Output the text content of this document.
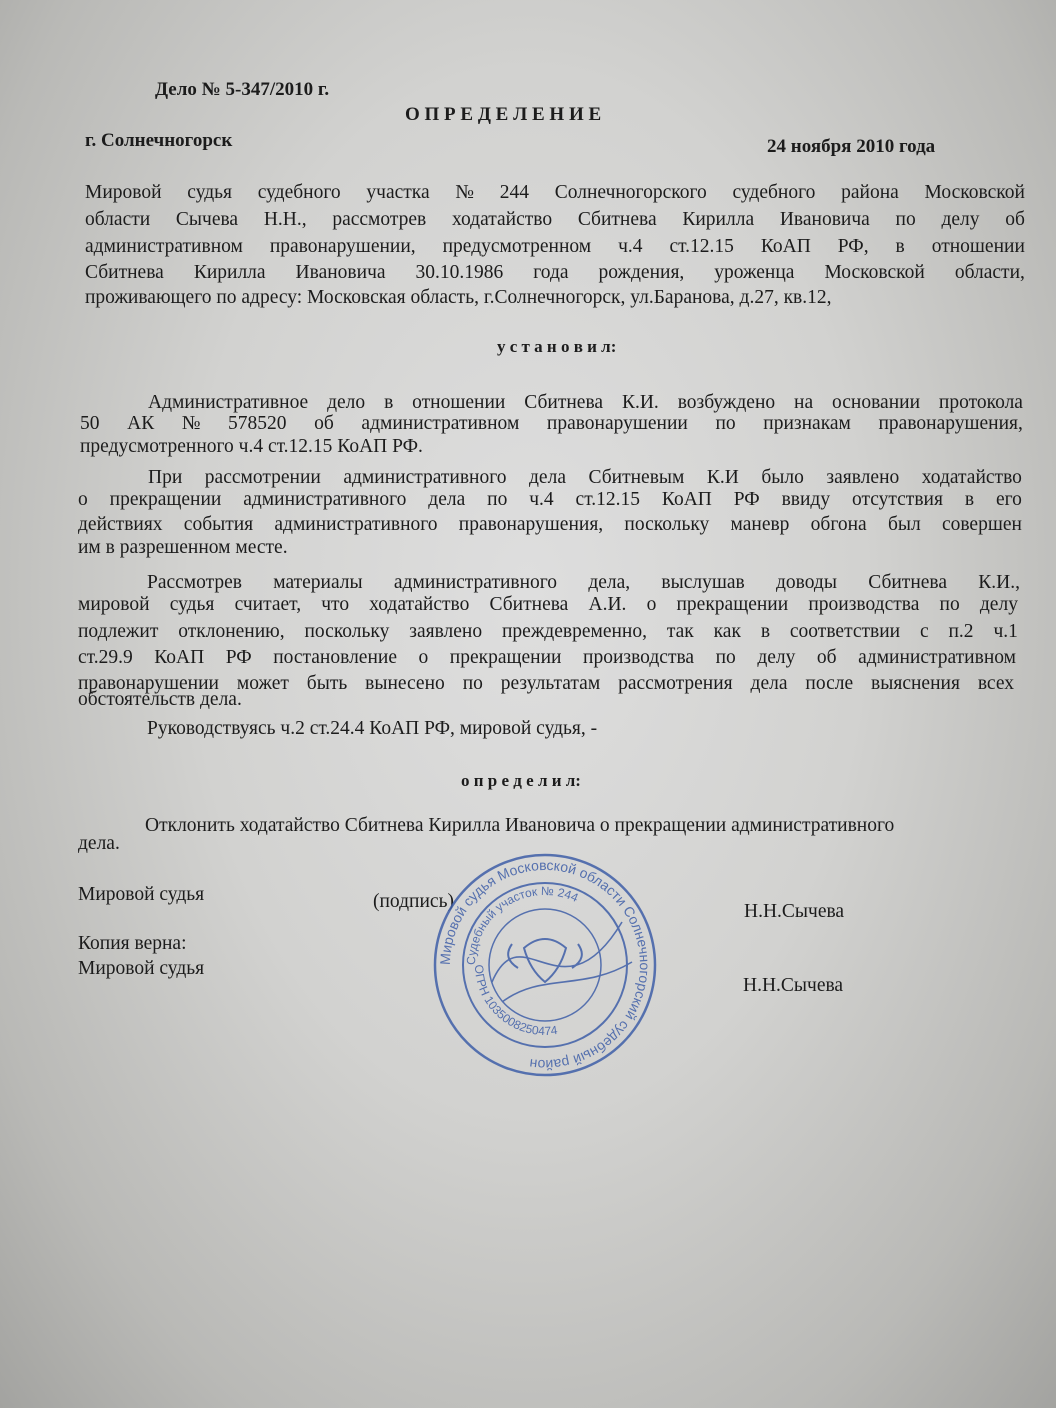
Дело № 5-347/2010 г.
О П Р Е Д Е Л Е Н И Е
г. Солнечногорск	24 ноября 2010 года
Мировой судья судебного участка № 244 Солнечногорского судебного района Московской
области Сычева Н.Н., рассмотрев ходатайство Сбитнева Кирилла Ивановича по делу об
административном правонарушении, предусмотренном ч.4 ст.12.15 КоАП РФ, в отношении
Сбитнева Кирилла Ивановича 30.10.1986 года рождения, уроженца Московской области,
проживающего по адресу: Московская область, г.Солнечногорск, ул.Баранова, д.27, кв.12,
у с т а н о в и л:
Административное дело в отношении Сбитнева К.И. возбуждено на основании протокола
50 АК № 578520 об административном правонарушении по признакам правонарушения,
предусмотренного ч.4 ст.12.15 КоАП РФ.
При рассмотрении административного дела Сбитневым К.И было заявлено ходатайство
о прекращении административного дела по ч.4 ст.12.15 КоАП РФ ввиду отсутствия в его
действиях события административного правонарушения, поскольку маневр обгона был совершен
им в разрешенном месте.
Рассмотрев материалы административного дела, выслушав доводы Сбитнева К.И.,
мировой судья считает, что ходатайство Сбитнева А.И. о прекращении производства по делу
подлежит отклонению, поскольку заявлено преждевременно, так как в соответствии с п.2 ч.1
ст.29.9 КоАП РФ постановление о прекращении производства по делу об административном
правонарушении может быть вынесено по результатам рассмотрения дела после выяснения всех
обстоятельств дела.
Руководствуясь ч.2 ст.24.4 КоАП РФ, мировой судья, -
о п р е д е л и л:
Отклонить ходатайство Сбитнева Кирилла Ивановича о прекращении административного
дела.
Мировой судья	(подпись)	Н.Н.Сычева
Копия верна:
Мировой судья
Н.Н.Сычева
Мировой судья Московской области Солнечногорский судебный район
Судебный участок № 244
ОГРН 1035008250474
